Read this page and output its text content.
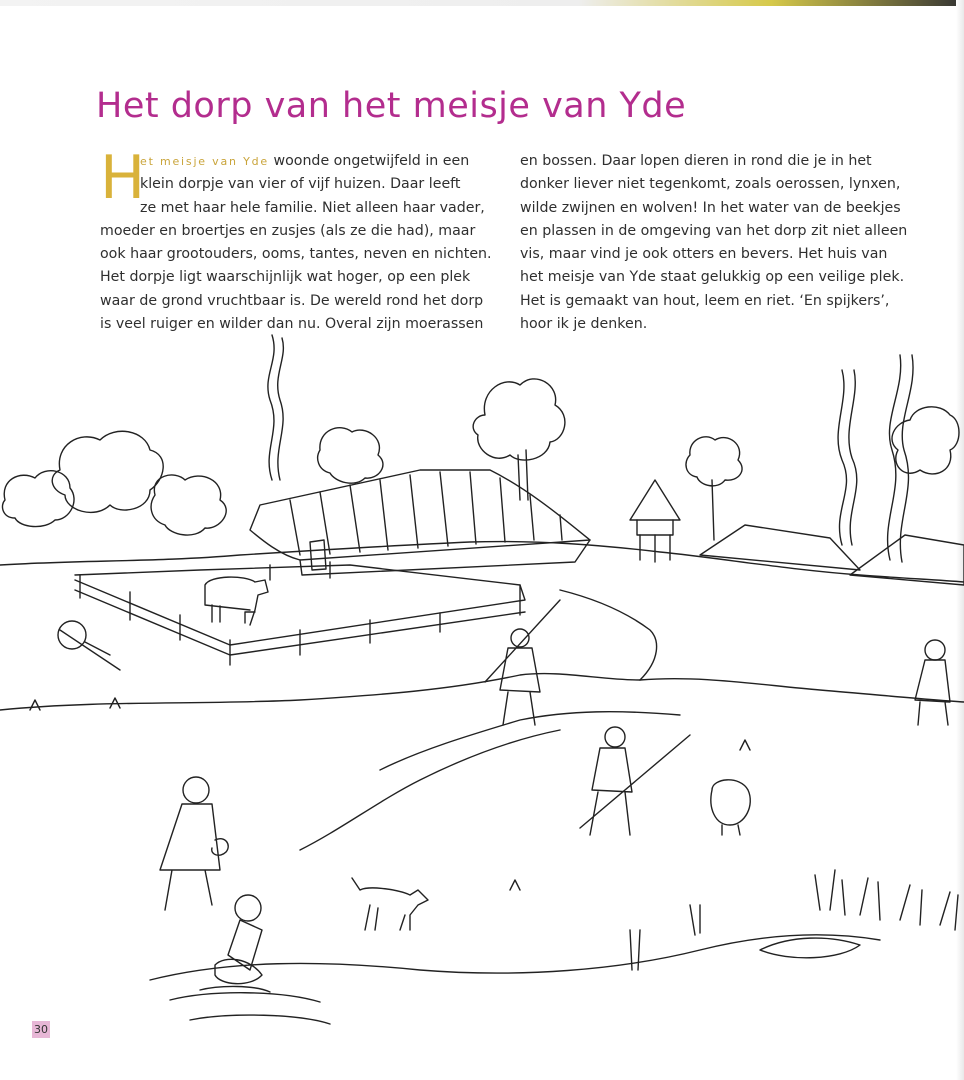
Het dorp van het meisje van Yde
H
et meisje van Yde woonde ongetwijfeld in een
klein dorpje van vier of vijf huizen. Daar leeft
ze met haar hele familie. Niet alleen haar vader,
moeder en broertjes en zusjes (als ze die had), maar
ook haar grootouders, ooms, tantes, neven en nichten.
Het dorpje ligt waarschijnlijk wat hoger, op een plek
waar de grond vruchtbaar is. De wereld rond het dorp
is veel ruiger en wilder dan nu. Overal zijn moerassen
en bossen. Daar lopen dieren in rond die je in het
donker liever niet tegenkomt, zoals oerossen, lynxen,
wilde zwijnen en wolven! In het water van de beekjes
en plassen in de omgeving van het dorp zit niet alleen
vis, maar vind je ook otters en bevers. Het huis van
het meisje van Yde staat gelukkig op een veilige plek.
Het is gemaakt van hout, leem en riet. ‘En spijkers’,
hoor ik je denken.
30
